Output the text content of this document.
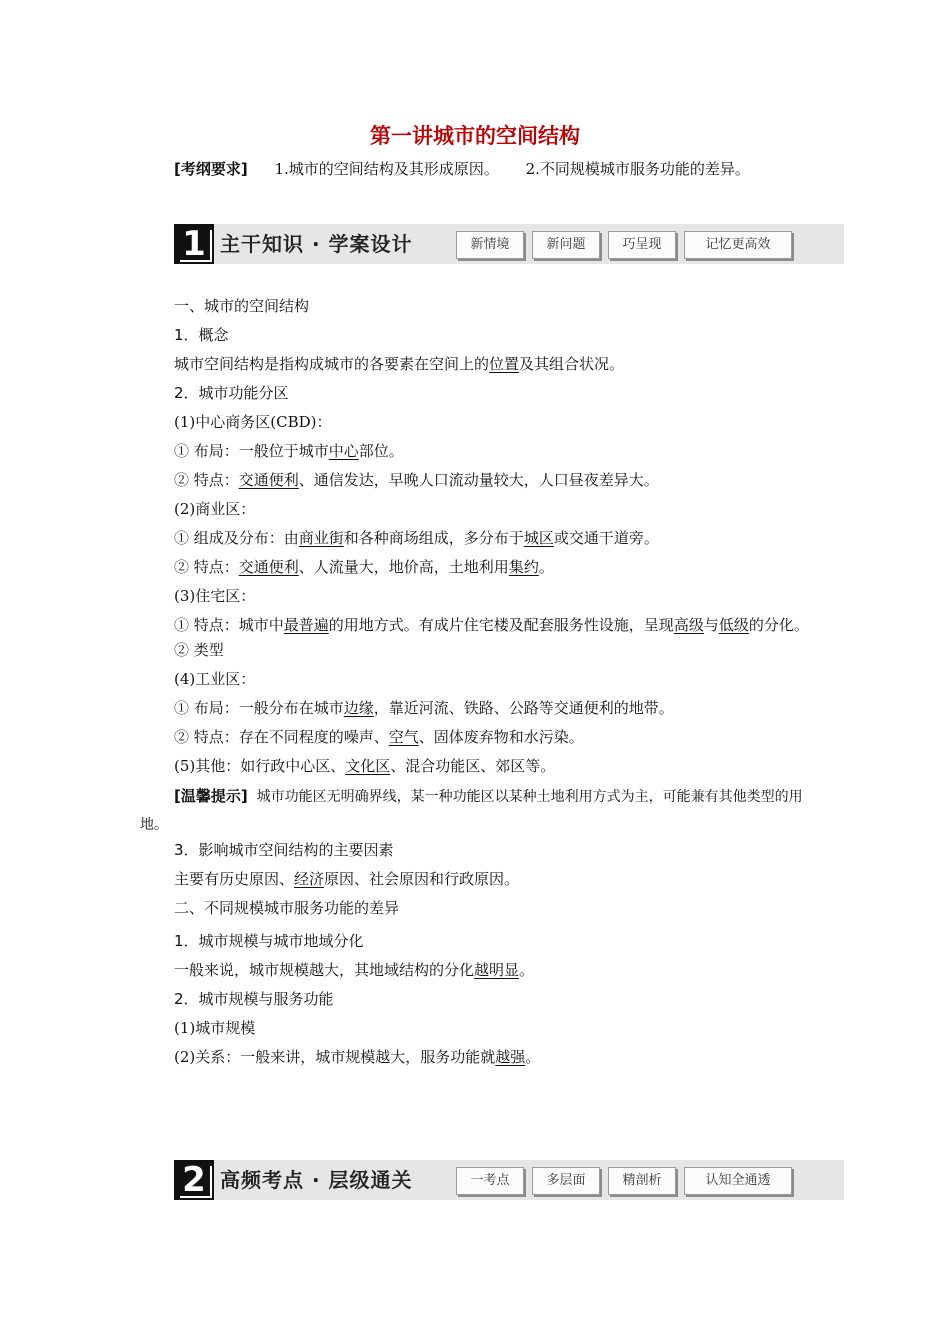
第一讲城市的空间结构
[考纲要求] 1.城市的空间结构及其形成原因。 2.不同规模城市服务功能的差异。
1 主干知识 · 学案设计	新情境	新问题	巧呈现	记忆更高效
一、城市的空间结构
1．概念
城市空间结构是指构成城市的各要素在空间上的位置及其组合状况。
2．城市功能分区
(1)中心商务区(CBD)：
① 布局：一般位于城市中心部位。
② 特点：交通便利、通信发达，早晚人口流动量较大，人口昼夜差异大。
(2)商业区：
① 组成及分布：由商业街和各种商场组成，多分布于城区或交通干道旁。
② 特点：交通便利、人流量大，地价高，土地利用集约。
(3)住宅区：
① 特点：城市中最普遍的用地方式。有成片住宅楼及配套服务性设施，呈现高级与低级的分化。
② 类型
(4)工业区：
① 布局：一般分布在城市边缘，靠近河流、铁路、公路等交通便利的地带。
② 特点：存在不同程度的噪声、空气、固体废弃物和水污染。
(5)其他：如行政中心区、文化区、混合功能区、郊区等。
[温馨提示] 城市功能区无明确界线，某一种功能区以某种土地利用方式为主，可能兼有其他类型的用地。
3．影响城市空间结构的主要因素
主要有历史原因、经济原因、社会原因和行政原因。
二、不同规模城市服务功能的差异
1．城市规模与城市地域分化
一般来说，城市规模越大，其地域结构的分化越明显。
2．城市规模与服务功能
(1)城市规模
(2)关系：一般来讲，城市规模越大，服务功能就越强。
2 高频考点 · 层级通关	一考点	多层面	精剖析	认知全通透
